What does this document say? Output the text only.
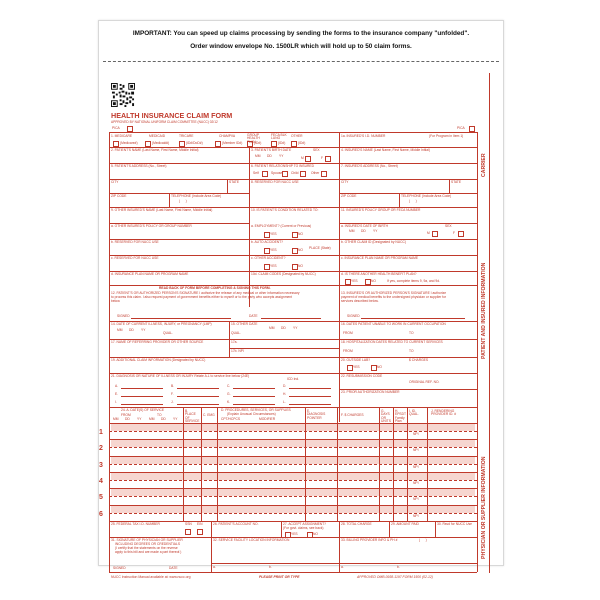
IMPORTANT: You can speed up claims processing by sending the forms to the insurance company "unfolded".
Order window envelope No. 1500LR which will hold up to 50 claim forms.
HEALTH INSURANCE CLAIM FORM
APPROVED BY NATIONAL UNIFORM CLAIM COMMITTEE (NUCC) 02/12
PICA	PICA
1. MEDICARE	MEDICAID	TRICARE	CHAMPVA	GROUP HEALTH PLAN
FECA BLK LUNG
OTHER
(Medicare#)	(Medicaid#)	(ID#/DoD#)	(Member ID#)	(ID#)	(ID#)	(ID#)
1a. INSURED'S I.D. NUMBER	(For Program in Item 1)
2. PATIENT'S NAME (Last Name, First Name, Middle Initial)	3. PATIENT'S BIRTH DATE	SEX
MM DD YY	M	F
4. INSURED'S NAME (Last Name, First Name, Middle Initial)
5. PATIENT'S ADDRESS (No., Street)	6. PATIENT RELATIONSHIP TO INSURED
Self	Spouse	Child	Other
7. INSURED'S ADDRESS (No., Street)
CITY	STATE	8. RESERVED FOR NUCC USE	CITY	STATE
ZIP CODE	TELEPHONE (Include Area Code)
(      )
ZIP CODE	TELEPHONE (Include Area Code)
(      )
9. OTHER INSURED'S NAME (Last Name, First Name, Middle Initial)	10. IS PATIENT'S CONDITION RELATED TO:	11. INSURED'S POLICY GROUP OR FECA NUMBER
a. OTHER INSURED'S POLICY OR GROUP NUMBER	a. EMPLOYMENT? (Current or Previous)
YES	NO
a. INSURED'S DATE OF BIRTH	SEX
MM DD YY	M	F
b. RESERVED FOR NUCC USE	b. AUTO ACCIDENT?
PLACE (State)
YES	NO
b. OTHER CLAIM ID (Designated by NUCC)
c. RESERVED FOR NUCC USE	c. OTHER ACCIDENT?
YES	NO
c. INSURANCE PLAN NAME OR PROGRAM NAME
d. INSURANCE PLAN NAME OR PROGRAM NAME	10d. CLAIM CODES (Designated by NUCC)	d. IS THERE ANOTHER HEALTH BENEFIT PLAN?
YES	NO	If yes, complete items 9, 9a, and 9d.
READ BACK OF FORM BEFORE COMPLETING & SIGNING THIS FORM.
12. PATIENT'S OR AUTHORIZED PERSON'S SIGNATURE I authorize the release of any medical or other information necessary
to process this claim. I also request payment of government benefits either to myself or to the party who accepts assignment
below.
13. INSURED'S OR AUTHORIZED PERSON'S SIGNATURE I authorize
payment of medical benefits to the undersigned physician or supplier for
services described below.
SIGNED	DATE	SIGNED
14. DATE OF CURRENT ILLNESS, INJURY, or PREGNANCY (LMP)
MM DD YY
QUAL.
15. OTHER DATE
QUAL.
MM DD YY
16. DATES PATIENT UNABLE TO WORK IN CURRENT OCCUPATION
FROM	TO
17. NAME OF REFERRING PROVIDER OR OTHER SOURCE	17a.
17b. NPI
18. HOSPITALIZATION DATES RELATED TO CURRENT SERVICES
FROM	TO
19. ADDITIONAL CLAIM INFORMATION (Designated by NUCC)	20. OUTSIDE LAB?	$ CHARGES
YES	NO
21. DIAGNOSIS OR NATURE OF ILLNESS OR INJURY Relate A-L to service line below (24E)
ICD Ind.
A.	B.	C.	D.
E.	F.	G.	H.
I.	J.	K.	L.
22. RESUBMISSION CODE
ORIGINAL REF. NO.
23. PRIOR AUTHORIZATION NUMBER
24. A. DATE(S) OF SERVICE
FROM	TO
MM DD YY MM DD YY
B. PLACE OF SERVICE
C. EMG
D. PROCEDURES, SERVICES, OR SUPPLIES
(Explain Unusual Circumstances)
CPT/HCPCS	MODIFIER
E. DIAGNOSIS POINTER
F. $ CHARGES
G. DAYS OR UNITS
H. EPSDT Family Plan
I. ID. QUAL.
J. RENDERING PROVIDER ID. #
1	NPI
2	NPI
3	NPI
4	NPI
5	NPI
6	NPI
25. FEDERAL TAX I.D. NUMBER	SSN EIN	26. PATIENT'S ACCOUNT NO.	27. ACCEPT ASSIGNMENT?
(For govt. claims, see back)
YES	NO
28. TOTAL CHARGE	29. AMOUNT PAID	30. Rsvd for NUCC Use
31. SIGNATURE OF PHYSICIAN OR SUPPLIER
INCLUDING DEGREES OR CREDENTIALS
(I certify that the statements on the reverse
apply to this bill and are made a part thereof.)
32. SERVICE FACILITY LOCATION INFORMATION
a.	b.
33. BILLING PROVIDER INFO & PH #	(      )
a.	b.
SIGNED	DATE
CARRIER
PATIENT AND INSURED INFORMATION
PHYSICIAN OR SUPPLIER INFORMATION
NUCC Instruction Manual available at: www.nucc.org	PLEASE PRINT OR TYPE	APPROVED OMB-0938-1197 FORM 1500 (02-12)
